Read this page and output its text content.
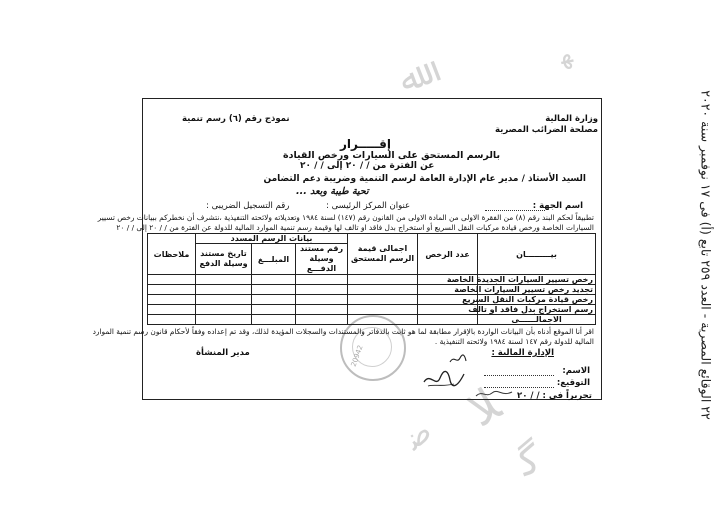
٢٢ الوقائع المصرية - العدد ٢٥٩ تابع (أ) فى ١٧ نوفمبر سنة ٢٠٢٠
ﷲ
ﻬ
ﻼ
ﮔ
ﺿ
20942
وزارة المالية
مصلحة الضرائب المصرية
نموذج رقم (٦) رسم تنمية
إقـــــرار
بالرسم المستحق على السيارات ورخص القيادة
عن الفترة من / / ٢٠ إلى / / ٢٠
السيد الأستاذ / مدير عام الإدارة العامة لرسم التنمية وضريبة دعم التضامن
تحية طيبة وبعد ...
اسم الجهة :
رقم التسجيل الضريبى :	عنوان المركز الرئيسى :
تطبيقاً لحكم البند رقم (٨) من الفقرة الاولى من المادة الاولى من القانون رقم (١٤٧) لسنة ١٩٨٤ وتعديلاته ولائحته التنفيذية ،نتشرف أن نخطركم ببيانات رخص تسيير
السيارات الخاصة ورخص قيادة مركبات النقل السريع أو استخراج بدل فاقد او تالف لها وقيمة رسم تنمية الموارد المالية للدولة عن الفترة من / / ٢٠ إلى / / ٢٠
بيـــــــــان	عدد الرخص	اجمالى قيمة الرسم المستحق	بيانات الرسم المسدد			ملاحظات
			رقم مستند وسيلة الدفـــع	المبلـــغ	تاريخ مستند وسيلة الدفع	
رخص تسيير السيارات الجديدة الخاصة						
تجديد رخص تسيير السيارات الخاصة						
رخص قيادة مركبات النقل السريع						
رسم استخراج بدل فاقد او تالف						
الاجمالــــــى						
اقر أنا الموقع أدناه بأن البيانات الواردة بالإقرار مطابقة لما هو ثابت بالدفاتر والمستندات والسجلات المؤيدة لذلك، وقد تم إعداده وفقاً لأحكام قانون رسم تنمية الموارد
المالية للدولة رقم ١٤٧ لسنة ١٩٨٤ ولائحته التنفيذية .
الإدارة المالية :
الاسم:
التوقيع:
تحريراً فى : / / ٢٠
مدير المنشأة
